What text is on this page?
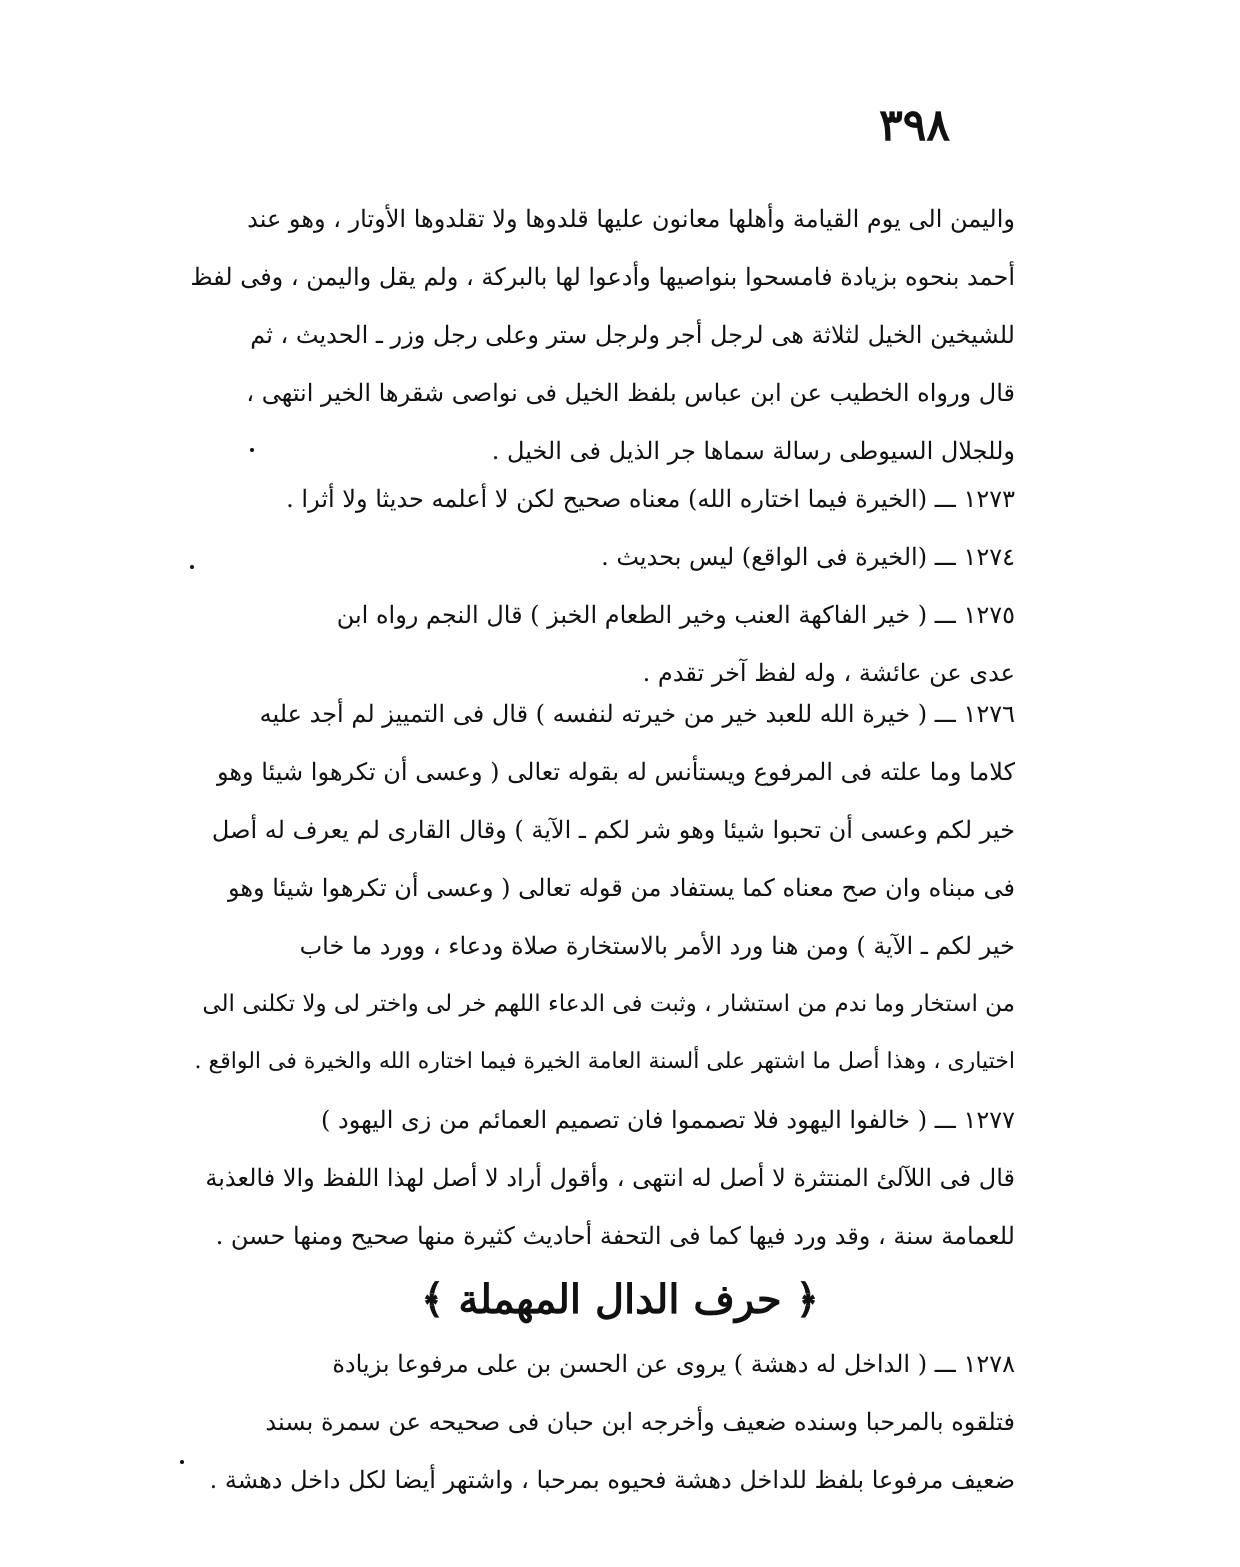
٣٩٨
واليمن الى يوم القيامة وأهلها معانون عليها قلدوها ولا تقلدوها الأوتار ، وهو عند
أحمد بنحوه بزيادة فامسحوا بنواصيها وأدعوا لها بالبركة ، ولم يقل واليمن ، وفى لفظ
للشيخين الخيل لثلاثة هى لرجل أجر ولرجل ستر وعلى رجل وزر ـ الحديث ، ثم
قال ورواه الخطيب عن ابن عباس بلفظ الخيل فى نواصى شقرها الخير انتهى ،
وللجلال السيوطى رسالة سماها جر الذيل فى الخيل .
١٢٧٣ ـــ (الخيرة فيما اختاره الله) معناه صحيح لكن لا أعلمه حديثا ولا أثرا .
١٢٧٤ ـــ (الخيرة فى الواقع) ليس بحديث .
١٢٧٥ ـــ ( خير الفاكهة العنب وخير الطعام الخبز ) قال النجم رواه ابن
عدى عن عائشة ، وله لفظ آخر تقدم .
١٢٧٦ ـــ ( خيرة الله للعبد خير من خيرته لنفسه ) قال فى التمييز لم أجد عليه
كلاما وما علته فى المرفوع ويستأنس له بقوله تعالى ( وعسى أن تكرهوا شيئا وهو
خير لكم وعسى أن تحبوا شيئا وهو شر لكم ـ الآية ) وقال القارى لم يعرف له أصل
فى مبناه وان صح معناه كما يستفاد من قوله تعالى ( وعسى أن تكرهوا شيئا وهو
خير لكم ـ الآية ) ومن هنا ورد الأمر بالاستخارة صلاة ودعاء ، وورد ما خاب
من استخار وما ندم من استشار ، وثبت فى الدعاء اللهم خر لى واختر لى ولا تكلنى الى
اختيارى ، وهذا أصل ما اشتهر على ألسنة العامة الخيرة فيما اختاره الله والخيرة فى الواقع .
١٢٧٧ ـــ ( خالفوا اليهود فلا تصمموا فان تصميم العمائم من زى اليهود )
قال فى اللآلئ المنتثرة لا أصل له انتهى ، وأقول أراد لا أصل لهذا اللفظ والا فالعذبة
للعمامة سنة ، وقد ورد فيها كما فى التحفة أحاديث كثيرة منها صحيح ومنها حسن .
﴿ حرف الدال المهملة ﴾
١٢٧٨ ـــ ( الداخل له دهشة ) يروى عن الحسن بن على مرفوعا بزيادة
فتلقوه بالمرحبا وسنده ضعيف وأخرجه ابن حبان فى صحيحه عن سمرة بسند
ضعيف مرفوعا بلفظ للداخل دهشة فحيوه بمرحبا ، واشتهر أيضا لكل داخل دهشة .
